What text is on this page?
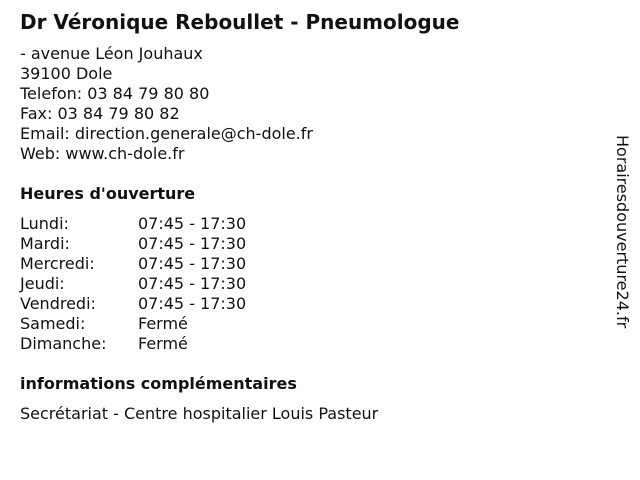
Dr Véronique Reboullet - Pneumologue
- avenue Léon Jouhaux
39100 Dole
Telefon: 03 84 79 80 80
Fax: 03 84 79 80 82
Email: direction.generale@ch-dole.fr
Web: www.ch-dole.fr
Heures d'ouverture
Lundi:	07:45 - 17:30
Mardi:	07:45 - 17:30
Mercredi:	07:45 - 17:30
Jeudi:	07:45 - 17:30
Vendredi:	07:45 - 17:30
Samedi:	Fermé
Dimanche:	Fermé
informations complémentaires
Secrétariat - Centre hospitalier Louis Pasteur
Horairesdouverture24.fr
